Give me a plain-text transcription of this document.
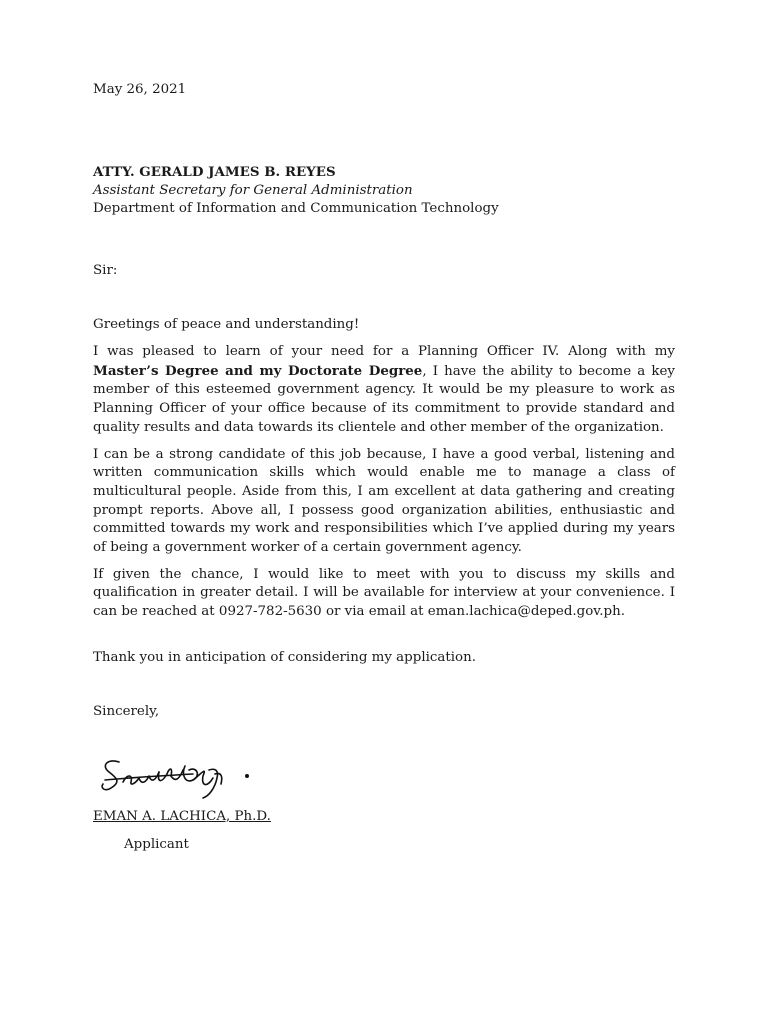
May 26, 2021
ATTY. GERALD JAMES B. REYES
Assistant Secretary for General Administration
Department of Information and Communication Technology
Sir:
Greetings of peace and understanding!

I was pleased to learn of your need for a Planning Officer IV. Along with my Master’s Degree and my Doctorate Degree, I have the ability to become a key member of this esteemed government agency. It would be my pleasure to work as Planning Officer of your office because of its commitment to provide standard and quality results and data towards its clientele and other member of the organization.

I can be a strong candidate of this job because, I have a good verbal, listening and written communication skills which would enable me to manage a class of multicultural people. Aside from this, I am excellent at data gathering and creating prompt reports. Above all, I possess good organization abilities, enthusiastic and committed towards my work and responsibilities which I’ve applied during my years of being a government worker of a certain government agency.

If given the chance, I would like to meet with you to discuss my skills and qualification in greater detail. I will be available for interview at your convenience. I can be reached at 0927-782-5630 or via email at eman.lachica@deped.gov.ph.

Thank you in anticipation of considering my application.
Sincerely,
EMAN A. LACHICA, Ph.D.
Applicant
